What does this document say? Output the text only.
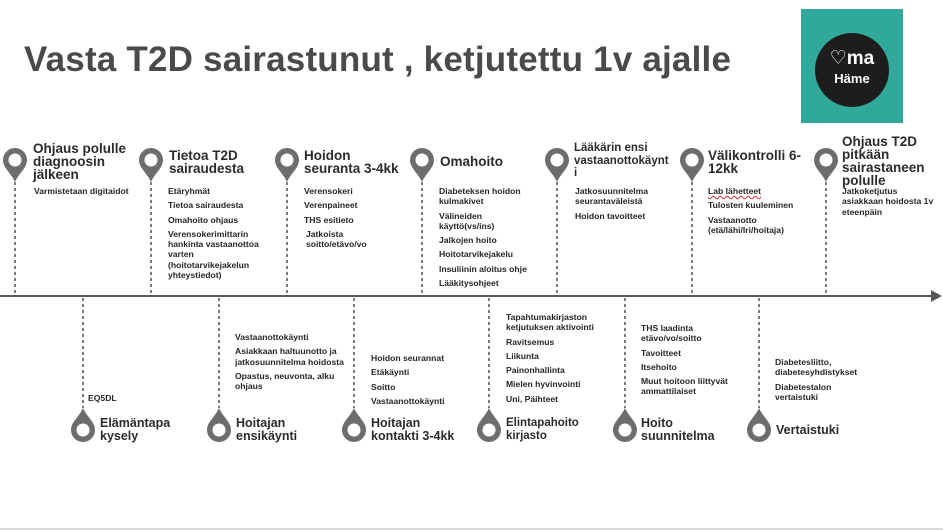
Vasta T2D sairastunut , ketjutettu 1v ajalle	♡ma
Häme
Ohjaus polulle
diagnoosin
jälkeen
Varmistetaan digitaidot
Tietoa T2D
sairaudesta
Etäryhmät
Tietoa sairaudesta
Omahoito ohjaus
Verensokerimittarin hankinta vastaanottoa varten (hoitotarvikejakelun yhteystiedot)
Hoidon
seuranta 3-4kk
Verensokeri
Verenpaineet
THS esitieto
Jatkoista soitto/etävo/vo
Omahoito
Diabeteksen hoidon kulmakivet
Välineiden käyttö(vs/ins)
Jalkojen hoito
Hoitotarvikejakelu
Insuliinin aloitus ohje
Lääkitysohjeet
Lääkärin ensi
vastaanottokäynt
i
Jatkosuunnitelma seurantaväleistä
Hoidon tavoitteet
Välikontrolli 6-
12kk
Lab lähetteet
Tulosten kuuleminen
Vastaanotto (etä/lähi/Iri/hoitaja)
Ohjaus T2D
pitkään
sairastaneen
polulle
Jatkoketjutus asiakkaan hoidosta 1v eteenpäin
EQ5DL
Elämäntapa
kysely
Vastaanottokäynti
Asiakkaan haltuunotto ja jatkosuunnitelma hoidosta
Opastus, neuvonta, alku ohjaus
Hoitajan
ensikäynti
Hoidon seurannat
Etäkäynti
Soitto
Vastaanottokäynti
Hoitajan
kontakti 3-4kk
Tapahtumakirjaston ketjutuksen aktivointi
Ravitsemus
Liikunta
Painonhallinta
Mielen hyvinvointi
Uni, Päihteet
Elintapahoito
kirjasto
THS laadinta etävo/vo/soitto
Tavoitteet
Itsehoito
Muut hoitoon liittyvät ammattilaiset
Hoito
suunnitelma
Diabetesliitto, diabetesyhdistykset
Diabetestalon vertaistuki
Vertaistuki
